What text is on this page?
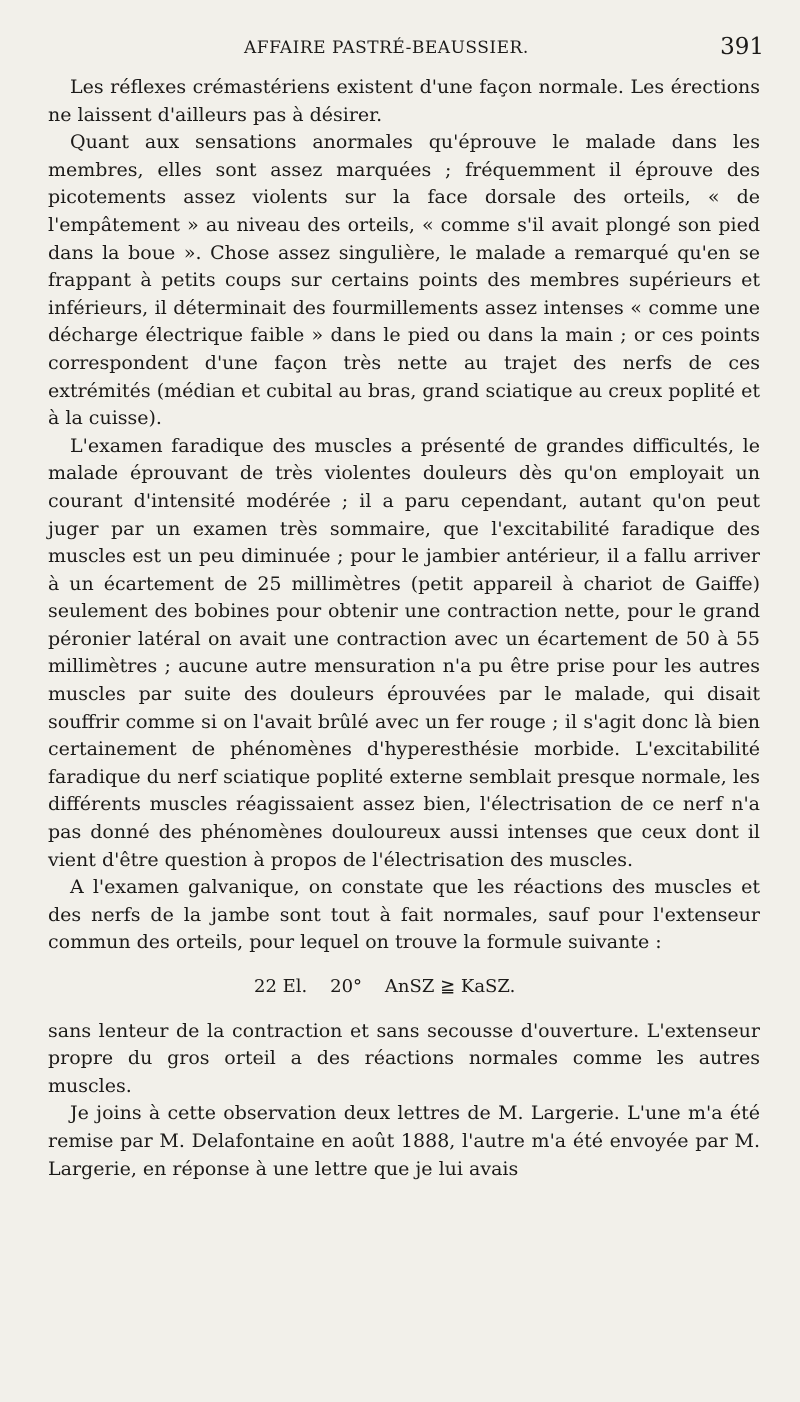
AFFAIRE PASTRÉ-BEAUSSIER.	391

Les réflexes crémastériens existent d'une façon normale. Les érections ne laissent d'ailleurs pas à désirer.

Quant aux sensations anormales qu'éprouve le malade dans les membres, elles sont assez marquées ; fréquemment il éprouve des picotements assez violents sur la face dorsale des orteils, « de l'empâtement » au niveau des orteils, « comme s'il avait plongé son pied dans la boue ». Chose assez singulière, le malade a remarqué qu'en se frappant à petits coups sur certains points des membres supérieurs et inférieurs, il déterminait des fourmillements assez intenses « comme une décharge électrique faible » dans le pied ou dans la main ; or ces points correspondent d'une façon très nette au trajet des nerfs de ces extrémités (médian et cubital au bras, grand sciatique au creux poplité et à la cuisse).

L'examen faradique des muscles a présenté de grandes difficultés, le malade éprouvant de très violentes douleurs dès qu'on employait un courant d'intensité modérée ; il a paru cependant, autant qu'on peut juger par un examen très sommaire, que l'excitabilité faradique des muscles est un peu diminuée ; pour le jambier antérieur, il a fallu arriver à un écartement de 25 millimètres (petit appareil à chariot de Gaiffe) seulement des bobines pour obtenir une contraction nette, pour le grand péronier latéral on avait une contraction avec un écartement de 50 à 55 millimètres ; aucune autre mensuration n'a pu être prise pour les autres muscles par suite des douleurs éprouvées par le malade, qui disait souffrir comme si on l'avait brûlé avec un fer rouge ; il s'agit donc là bien certainement de phénomènes d'hyperesthésie morbide. L'excitabilité faradique du nerf sciatique poplité externe semblait presque normale, les différents muscles réagissaient assez bien, l'électrisation de ce nerf n'a pas donné des phénomènes douloureux aussi intenses que ceux dont il vient d'être question à propos de l'électrisation des muscles.

A l'examen galvanique, on constate que les réactions des muscles et des nerfs de la jambe sont tout à fait normales, sauf pour l'extenseur commun des orteils, pour lequel on trouve la formule suivante :

22 El.    20°    AnSZ ≧ KaSZ.

sans lenteur de la contraction et sans secousse d'ouverture. L'extenseur propre du gros orteil a des réactions normales comme les autres muscles.

Je joins à cette observation deux lettres de M. Largerie. L'une m'a été remise par M. Delafontaine en août 1888, l'autre m'a été envoyée par M. Largerie, en réponse à une lettre que je lui avais
